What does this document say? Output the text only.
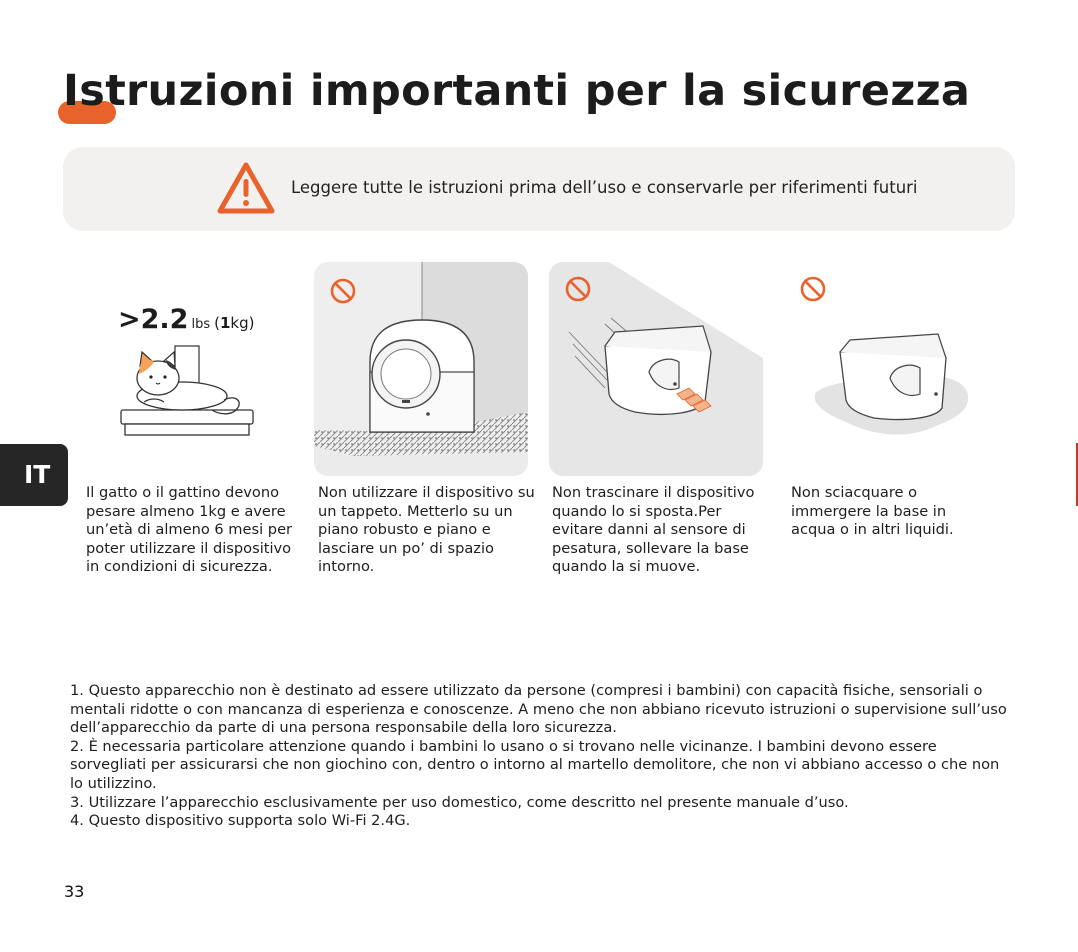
Istruzioni importanti per la sicurezza
Leggere tutte le istruzioni prima dell’uso e conservarle per riferimenti futuri
>2.2 lbs (1kg)
Il gatto o il gattino devono pesare almeno 1kg e avere un’età di almeno 6 mesi per poter utilizzare il dispositivo in condizioni di sicurezza.
Non utilizzare il dispositivo su un tappeto. Metterlo su un piano robusto e piano e lasciare un po’ di spazio intorno.
Non trascinare il dispositivo quando lo si sposta.Per evitare danni al sensore di pesatura, sollevare la base quando la si muove.
Non sciacquare o immergere la base in acqua o in altri liquidi.
IT
1. Questo apparecchio non è destinato ad essere utilizzato da persone (compresi i bambini) con capacità fisiche, sensoriali o mentali ridotte o con mancanza di esperienza e conoscenze. A meno che non abbiano ricevuto istruzioni o supervisione sull’uso dell’apparecchio da parte di una persona responsabile della loro sicurezza.
2. È necessaria particolare attenzione quando i bambini lo usano o si trovano nelle vicinanze. I bambini devono essere sorvegliati per assicurarsi che non giochino con, dentro o intorno al martello demolitore, che non vi abbiano accesso o che non lo utilizzino.
3. Utilizzare l’apparecchio esclusivamente per uso domestico, come descritto nel presente manuale d’uso.
4. Questo dispositivo supporta solo Wi-Fi 2.4G.
33
